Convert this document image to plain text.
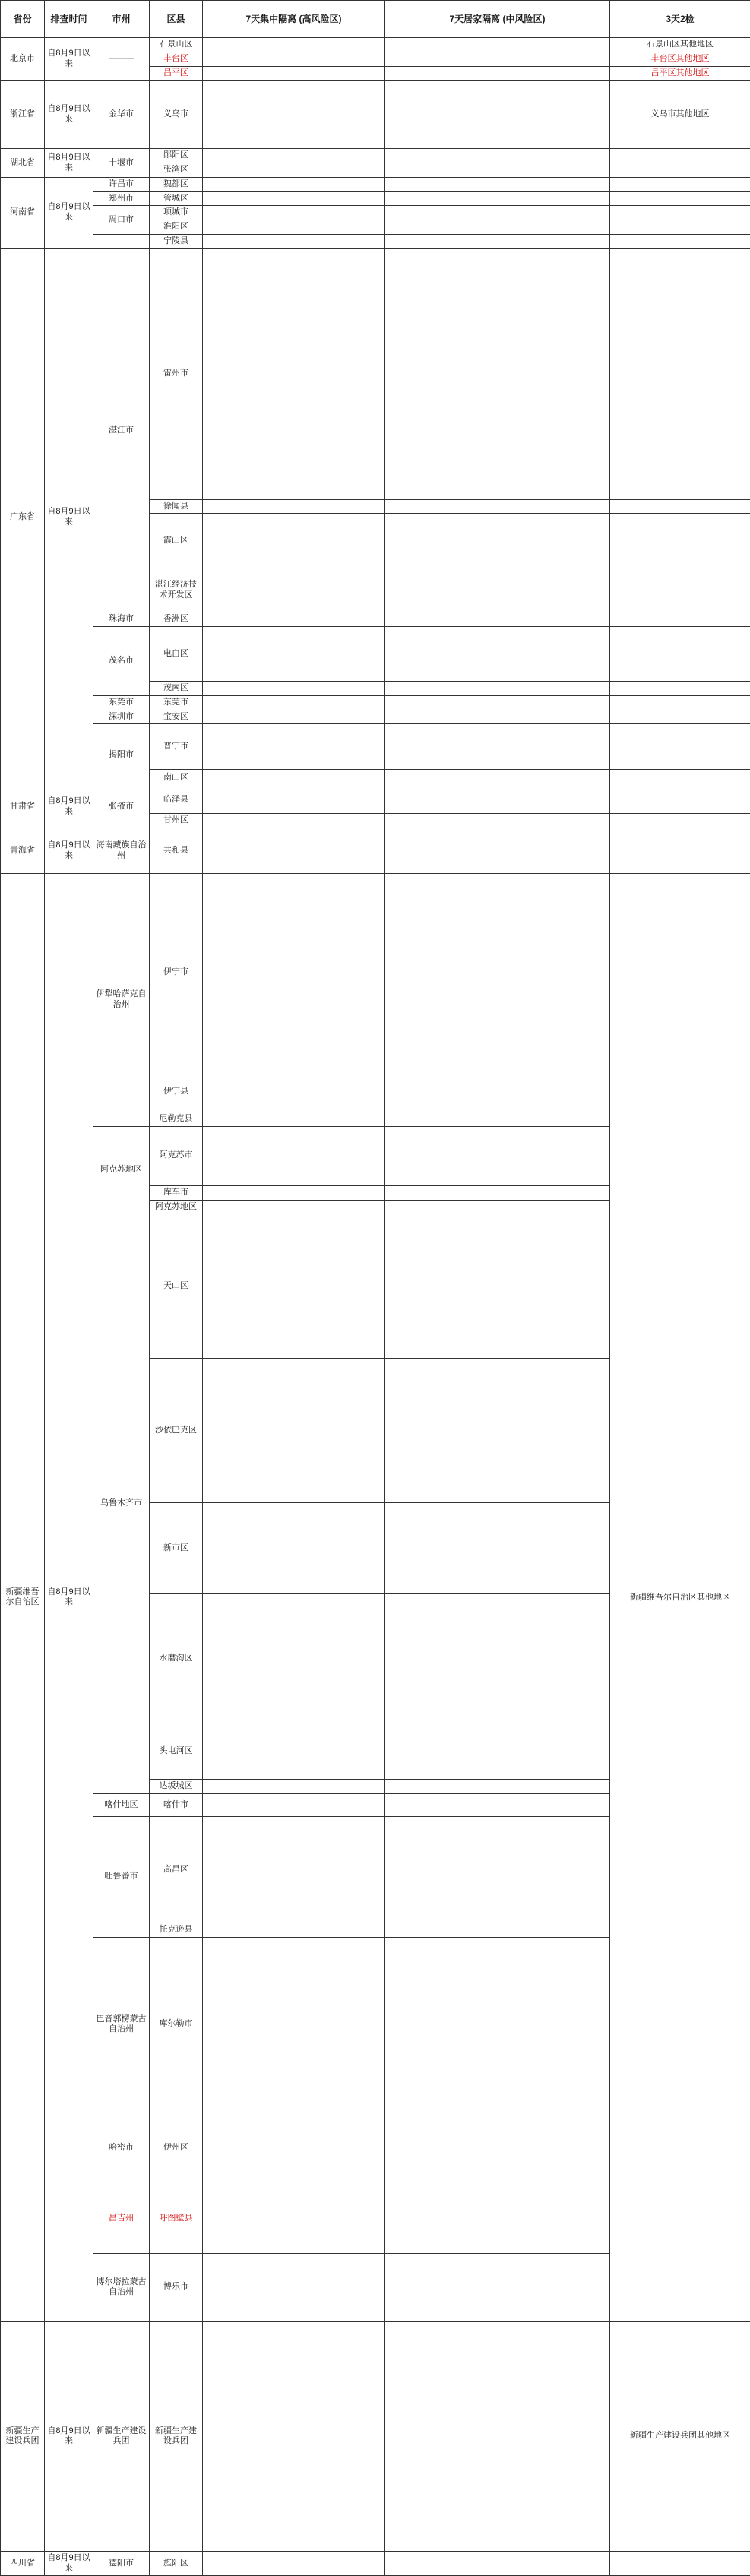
省份	排查时间	市州	区县	7天集中隔离 (高风险区)	7天居家隔离 (中风险区)	3天2检
北京市	自8月9日以来	———	石景山区			石景山区其他地区
			丰台区			丰台区其他地区
			昌平区			昌平区其他地区
浙江省	自8月9日以来	金华市	义乌市			义乌市其他地区
湖北省	自8月9日以来	十堰市	郧阳区			
			张湾区			
河南省	自8月9日以来	许昌市	魏都区			
		郑州市	管城区			
		周口市	项城市			
			淮阳区			
			宁陵县			
广东省	自8月9日以来	湛江市	雷州市			
			徐闻县			
			霞山区			
			湛江经济技术开发区			
		珠海市	香洲区			
		茂名市	电白区			
			茂南区			
		东莞市	东莞市			
		深圳市	宝安区			
		揭阳市	普宁市			
			南山区			
甘肃省	自8月9日以来	张掖市	临泽县			
			甘州区			
青海省	自8月9日以来	海南藏族自治州	共和县			
新疆维吾尔自治区	自8月9日以来	伊犁哈萨克自治州	伊宁市			新疆维吾尔自治区其他地区
			伊宁县			
			尼勒克县			
		阿克苏地区	阿克苏市			
			库车市			
			阿克苏地区			
		乌鲁木齐市	天山区			
			沙依巴克区			
			新市区			
			水磨沟区			
			头屯河区			
			达坂城区			
		喀什地区	喀什市			
		吐鲁番市	高昌区			
			托克逊县			
		巴音郭楞蒙古自治州	库尔勒市			
		哈密市	伊州区			
		昌吉州	呼图壁县			
		博尔塔拉蒙古自治州	博乐市			
新疆生产建设兵团	自8月9日以来	新疆生产建设兵团	新疆生产建设兵团			新疆生产建设兵团其他地区
四川省	自8月9日以来	德阳市	旌阳区			
